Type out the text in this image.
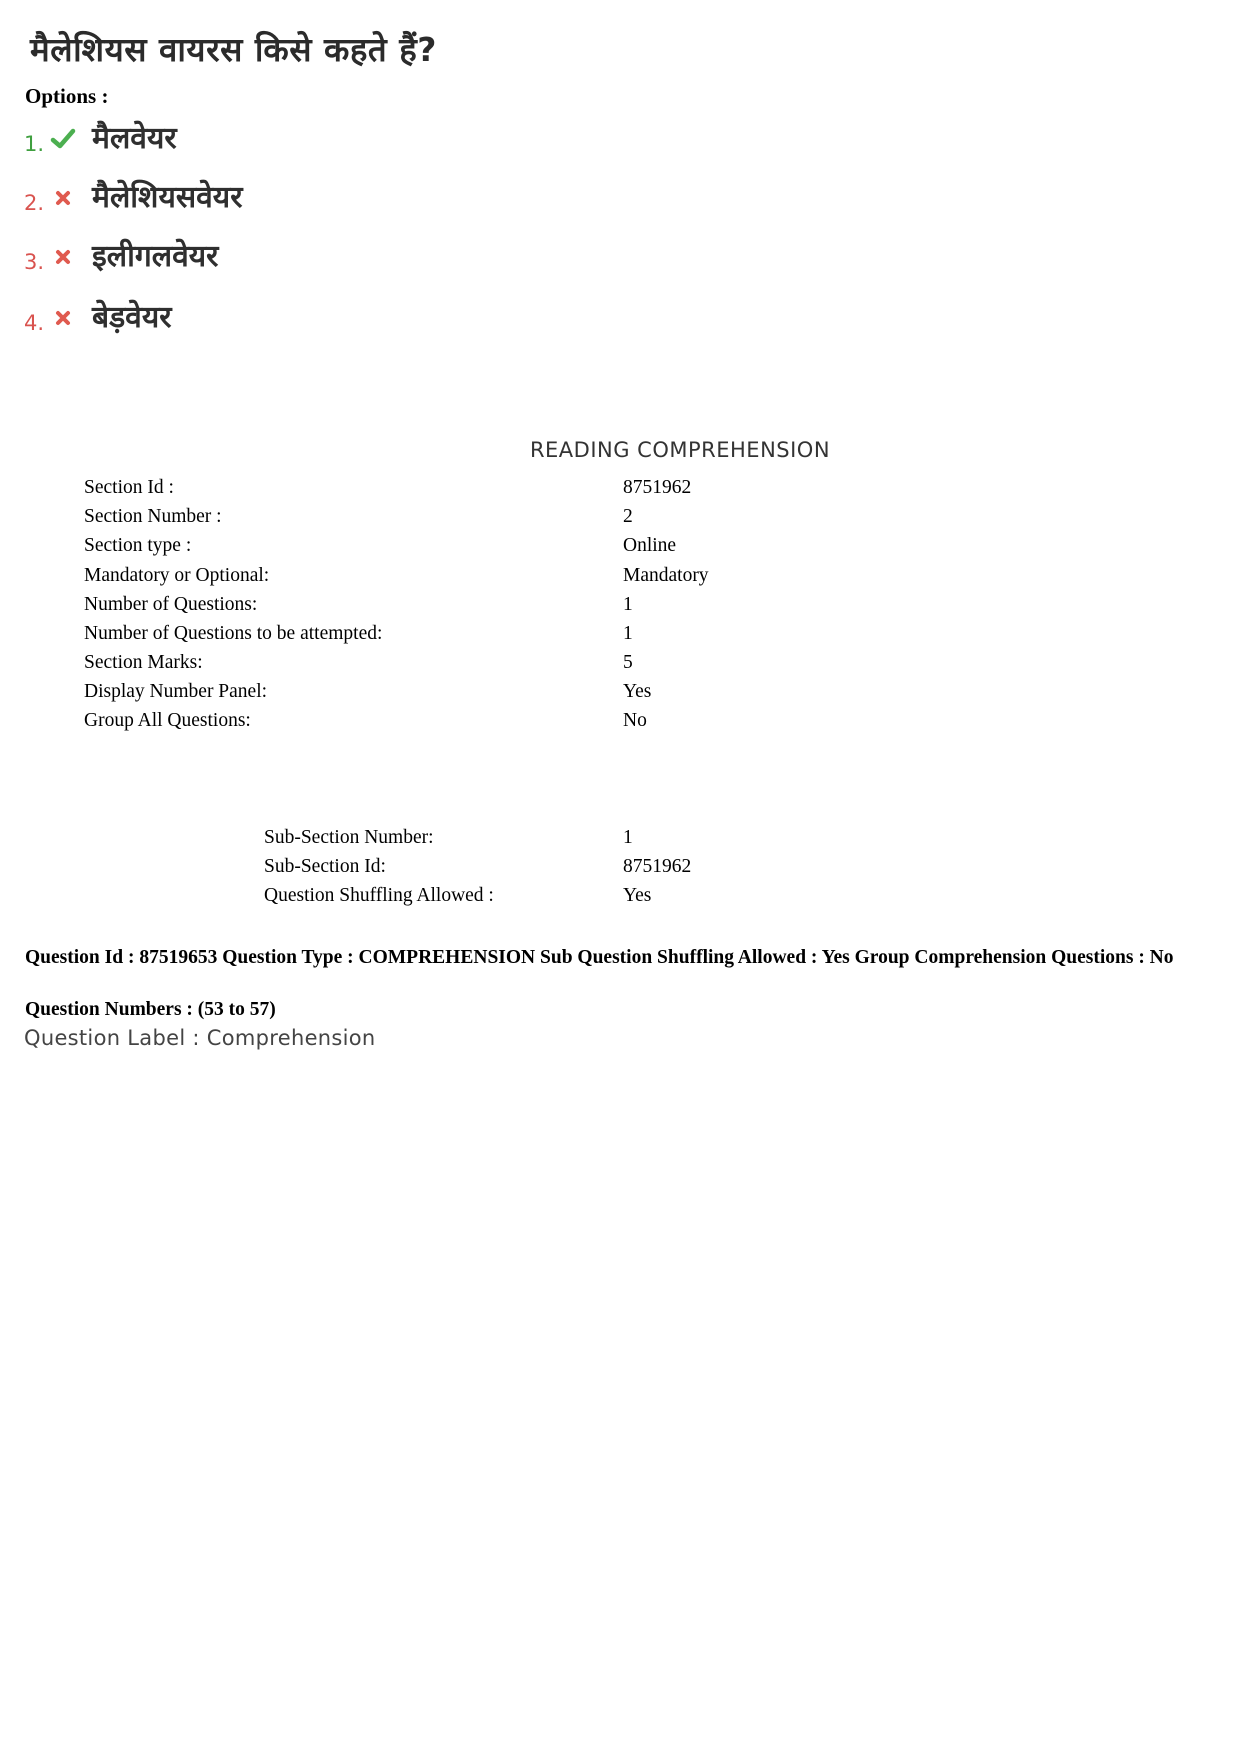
मैलेशियस वायरस किसे कहते हैं?
Options :
1. मैलवेयर
2. मैलेशियसवेयर
3. इलीगलवेयर
4. बेड़वेयर
READING COMPREHENSION
Section Id :	8751962
Section Number :	2
Section type :	Online
Mandatory or Optional:	Mandatory
Number of Questions:	1
Number of Questions to be attempted:	1
Section Marks:	5
Display Number Panel:	Yes
Group All Questions:	No
Sub-Section Number:	1
Sub-Section Id:	8751962
Question Shuffling Allowed :	Yes
Question Id : 87519653 Question Type : COMPREHENSION Sub Question Shuffling Allowed : Yes Group Comprehension Questions : No
Question Numbers : (53 to 57)
Question Label : Comprehension
